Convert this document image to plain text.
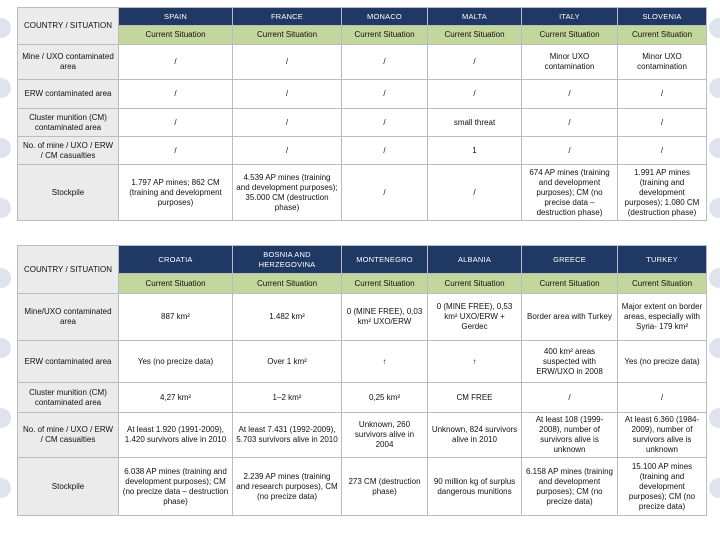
COUNTRY / SITUATION	SPAIN	FRANCE	MONACO	MALTA	ITALY	SLOVENIA
	Current Situation	Current Situation	Current Situation	Current Situation	Current Situation	Current Situation
Mine / UXO contaminated area	/	/	/	/	Minor UXO contamination	Minor UXO contamination
ERW contaminated area	/	/	/	/	/	/
Cluster munition (CM) contaminated area	/	/	/	small threat	/	/
No. of mine / UXO / ERW / CM casualties	/	/	/	1	/	/
Stockpile	1.797 AP mines; 862 CM (training and development purposes)	4.539 AP mines (training and development purposes); 35.000 CM (destruction phase)	/	/	674 AP mines (training and development purposes); CM (no precise data – destruction phase)	1.991 AP mines (training and development purposes); 1.080 CM (destruction phase)
COUNTRY / SITUATION	CROATIA	BOSNIA AND HERZEGOVINA	MONTENEGRO	ALBANIA	GREECE	TURKEY
	Current Situation	Current Situation	Current Situation	Current Situation	Current Situation	Current Situation
Mine/UXO contaminated area	887 km²	1.482 km²	0 (MINE FREE), 0,03 km² UXO/ERW	0 (MINE FREE), 0,53 km² UXO/ERW + Gerdec	Border area with Turkey	Major extent on border areas, especially with Syria- 179 km²
ERW contaminated area	Yes (no precize data)	Over 1 km²	↑	↑	400 km² areas suspected with ERW/UXO in 2008	Yes (no precize data)
Cluster munition (CM) contaminated area	4,27 km²	1–2 km²	0,25 km²	CM FREE	/	/
No. of mine / UXO / ERW / CM casualties	At least 1.920 (1991-2009), 1.420 survivors alive in 2010	At least 7.431 (1992-2009), 5.703 survivors alive in 2010	Unknown, 260 survivors alive in 2004	Unknown, 824 survivors alive in 2010	At least 108 (1999-2008), number of survivors alive is unknown	At least 6.360 (1984-2009), number of survivors alive is unknown
Stockpile	6.038 AP mines (training and development purposes); CM (no precize data – destruction phase)	2.239 AP mines (training and research purposes), CM (no precize data)	273 CM (destruction phase)	90 million kg of surplus dangerous munitions	6.158 AP mines (training and development purposes); CM (no precize data)	15.100 AP mines (training and development purposes); CM (no precize data)
